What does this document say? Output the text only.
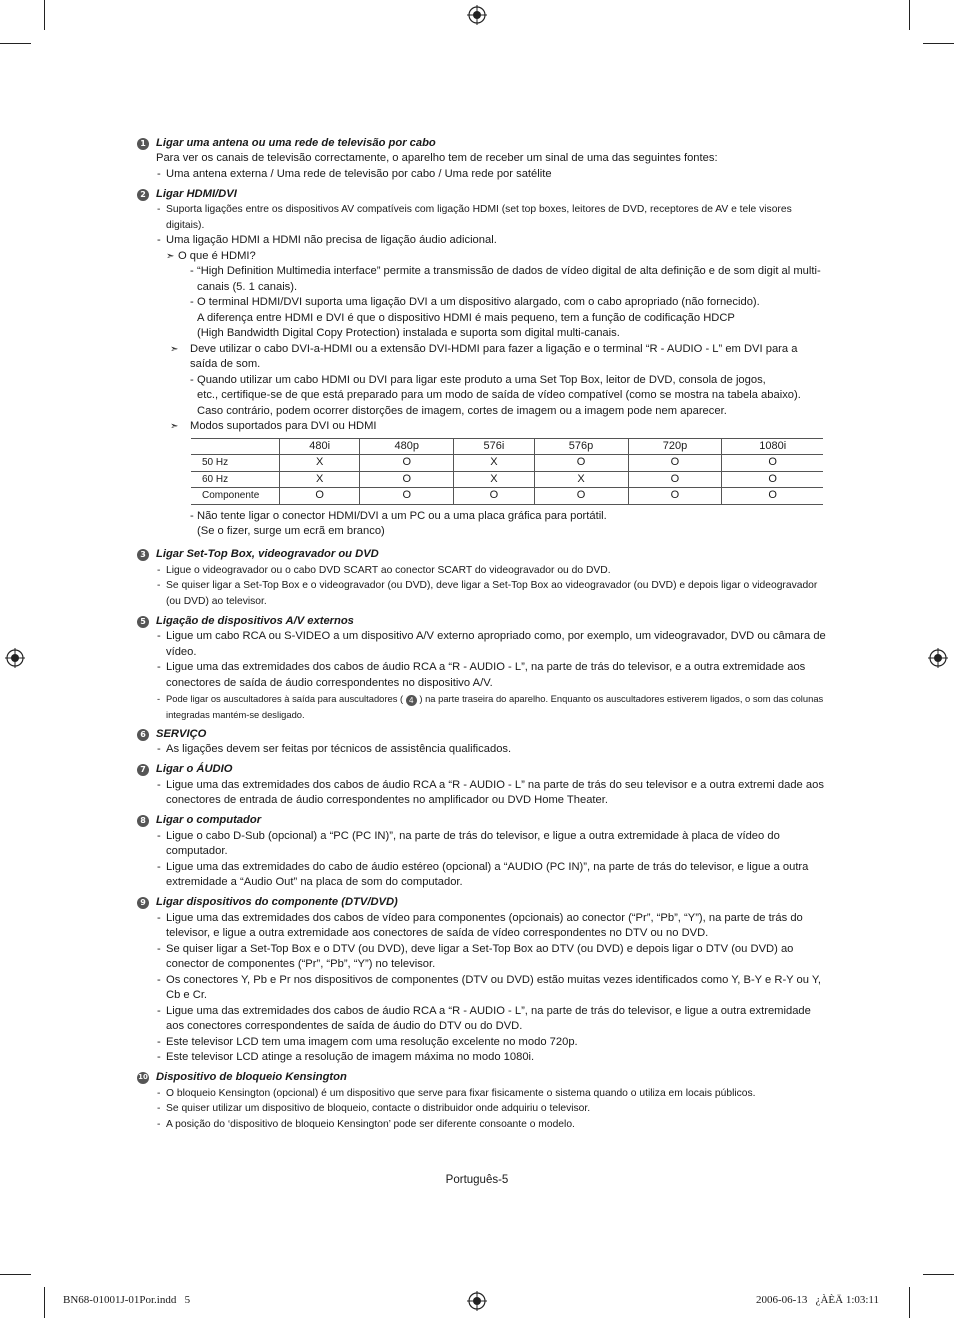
1 Ligar uma antena ou uma rede de televisão por cabo
Para ver os canais de televisão correctamente, o aparelho tem de receber um sinal de uma das seguintes fontes:
- Uma antena externa / Uma rede de televisão por cabo / Uma rede por satélite
2 Ligar HDMI/DVI
- Suporta ligações entre os dispositivos AV compatíveis com ligação HDMI (set top boxes, leitores de DVD, receptores de AV e tele visores digitais).
- Uma ligação HDMI a HDMI não precisa de ligação áudio adicional.
➣ O que é HDMI?
- “High Definition Multimedia interface” permite a transmissão de dados de vídeo digital de alta definição e de som digit al multi-canais (5. 1 canais).
- O terminal HDMI/DVI suporta uma ligação DVI a um dispositivo alargado, com o cabo apropriado (não fornecido).
A diferença entre HDMI e DVI é que o dispositivo HDMI é mais pequeno, tem a função de codificação HDCP
(High Bandwidth Digital Copy Protection) instalada e suporta som digital multi-canais.
➣ Deve utilizar o cabo DVI-a-HDMI ou a extensão DVI-HDMI para fazer a ligação e o terminal “R - AUDIO - L” em DVI para a saída de som.
- Quando utilizar um cabo HDMI ou DVI para ligar este produto a uma Set Top Box, leitor de DVD, consola de jogos,
etc., certifique-se de que está preparado para um modo de saída de vídeo compatível (como se mostra na tabela abaixo).
Caso contrário, podem ocorrer distorções de imagem, cortes de imagem ou a imagem pode nem aparecer.
➣ Modos suportados para DVI ou HDMI
	480i	480p	576i	576p	720p	1080i
50 Hz	X	O	X	O	O	O
60 Hz	X	O	X	X	O	O
Componente	O	O	O	O	O	O
- Não tente ligar o conector HDMI/DVI a um PC ou a uma placa gráfica para portátil.
(Se o fizer, surge um ecrã em branco)
3 Ligar Set-Top Box, videogravador ou DVD
- Ligue o videogravador ou o cabo DVD SCART ao conector SCART do videogravador ou do DVD.
- Se quiser ligar a Set-Top Box e o videogravador (ou DVD), deve ligar a Set-Top Box ao videogravador (ou DVD) e depois ligar o videogravador (ou DVD) ao televisor.
5 Ligação de dispositivos A/V externos
- Ligue um cabo RCA ou S-VIDEO a um dispositivo A/V externo apropriado como, por exemplo, um videogravador, DVD ou câmara de vídeo.
- Ligue uma das extremidades dos cabos de áudio RCA a “R - AUDIO - L”, na parte de trás do televisor, e a outra extremidade aos conectores de saída de áudio correspondentes no dispositivo A/V.
- Pode ligar os auscultadores à saída para auscultadores ( 4 ) na parte traseira do aparelho. Enquanto os auscultadores estiverem ligados, o som das colunas integradas mantém-se desligado.
6 SERVIÇO
- As ligações devem ser feitas por técnicos de assistência qualificados.
7 Ligar o ÁUDIO
- Ligue uma das extremidades dos cabos de áudio RCA a “R - AUDIO - L” na parte de trás do seu televisor e a outra extremi dade aos conectores de entrada de áudio correspondentes no amplificador ou DVD Home Theater.
8 Ligar o computador
- Ligue o cabo D-Sub (opcional) a “PC (PC IN)”, na parte de trás do televisor, e ligue a outra extremidade à placa de vídeo do computador.
- Ligue uma das extremidades do cabo de áudio estéreo (opcional) a “AUDIO (PC IN)”, na parte de trás do televisor, e ligue a outra extremidade a “Audio Out” na placa de som do computador.
9 Ligar dispositivos do componente (DTV/DVD)
- Ligue uma das extremidades dos cabos de vídeo para componentes (opcionais) ao conector (“Pr”, “Pb”, “Y”), na parte de trás do televisor, e ligue a outra extremidade aos conectores de saída de vídeo correspondentes no DTV ou no DVD.
- Se quiser ligar a Set-Top Box e o DTV (ou DVD), deve ligar a Set-Top Box ao DTV (ou DVD) e depois ligar o DTV (ou DVD) ao conector de componentes (“Pr”, “Pb”, “Y”) no televisor.
- Os conectores Y, Pb e Pr nos dispositivos de componentes (DTV ou DVD) estão muitas vezes identificados como Y, B-Y e R-Y ou Y, Cb e Cr.
- Ligue uma das extremidades dos cabos de áudio RCA a “R - AUDIO - L”, na parte de trás do televisor, e ligue a outra extremidade aos conectores correspondentes de saída de áudio do DTV ou do DVD.
- Este televisor LCD tem uma imagem com uma resolução excelente no modo 720p.
- Este televisor LCD atinge a resolução de imagem máxima no modo 1080i.
10 Dispositivo de bloqueio Kensington
- O bloqueio Kensington (opcional) é um dispositivo que serve para fixar fisicamente o sistema quando o utiliza em locais públicos.
- Se quiser utilizar um dispositivo de bloqueio, contacte o distribuidor onde adquiriu o televisor.
- A posição do ‘dispositivo de bloqueio Kensington’ pode ser diferente consoante o modelo.
Português-5
BN68-01001J-01Por.indd   5	2006-06-13   ¿ÀÈÄ 1:03:11
